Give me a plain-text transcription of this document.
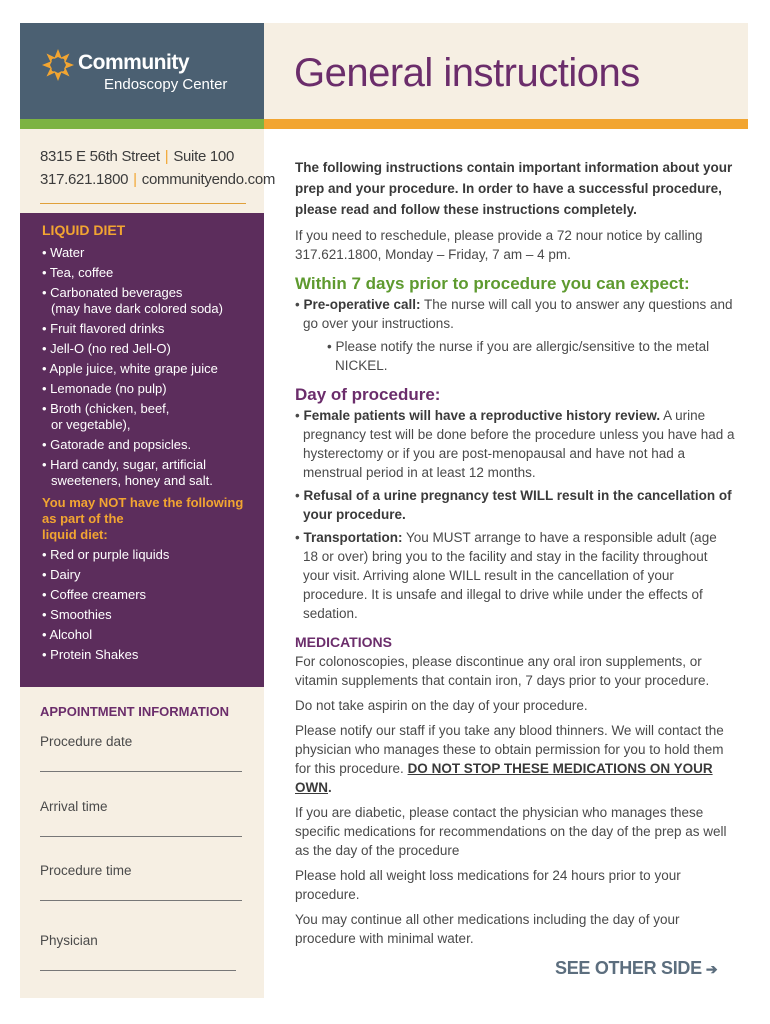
Community
Endoscopy Center General instructions
8315 E 56th Street | Suite 100
317.621.1800 | communityendo.com
LIQUID DIET
• Water
• Tea, coffee
• Carbonated beverages
(may have dark colored soda)
• Fruit flavored drinks
• Jell-O (no red Jell-O)
• Apple juice, white grape juice
• Lemonade (no pulp)
• Broth (chicken, beef,
or vegetable),
• Gatorade and popsicles.
• Hard candy, sugar, artificial
sweeteners, honey and salt.
You may NOT have the following
as part of the
liquid diet:
• Red or purple liquids
• Dairy
• Coffee creamers
• Smoothies
• Alcohol
• Protein Shakes
APPOINTMENT INFORMATION
Procedure date
Arrival time
Procedure time
Physician

The following instructions contain important information about your prep and your procedure. In order to have a successful procedure, please read and follow these instructions completely.

If you need to reschedule, please provide a 72 nour notice by calling 317.621.1800, Monday – Friday, 7 am – 4 pm.

Within 7 days prior to procedure you can expect:

• Pre-operative call: The nurse will call you to answer any questions and go over your instructions.

• Please notify the nurse if you are allergic/sensitive to the metal NICKEL.

Day of procedure:

• Female patients will have a reproductive history review. A urine pregnancy test will be done before the procedure unless you have had a hysterectomy or if you are post-menopausal and have not had a menstrual period in at least 12 months.

• Refusal of a urine pregnancy test WILL result in the cancellation of your procedure.

• Transportation: You MUST arrange to have a responsible adult (age 18 or over) bring you to the facility and stay in the facility throughout your visit. Arriving alone WILL result in the cancellation of your procedure. It is unsafe and illegal to drive while under the effects of sedation.

MEDICATIONS

For colonoscopies, please discontinue any oral iron supplements, or vitamin supplements that contain iron, 7 days prior to your procedure.

Do not take aspirin on the day of your procedure.

Please notify our staff if you take any blood thinners. We will contact the physician who manages these to obtain permission for you to hold them for this procedure. DO NOT STOP THESE MEDICATIONS ON YOUR OWN.

If you are diabetic, please contact the physician who manages these specific medications for recommendations on the day of the prep as well as the day of the procedure

Please hold all weight loss medications for 24 hours prior to your procedure.

You may continue all other medications including the day of your procedure with minimal water.

SEE OTHER SIDE ➔
